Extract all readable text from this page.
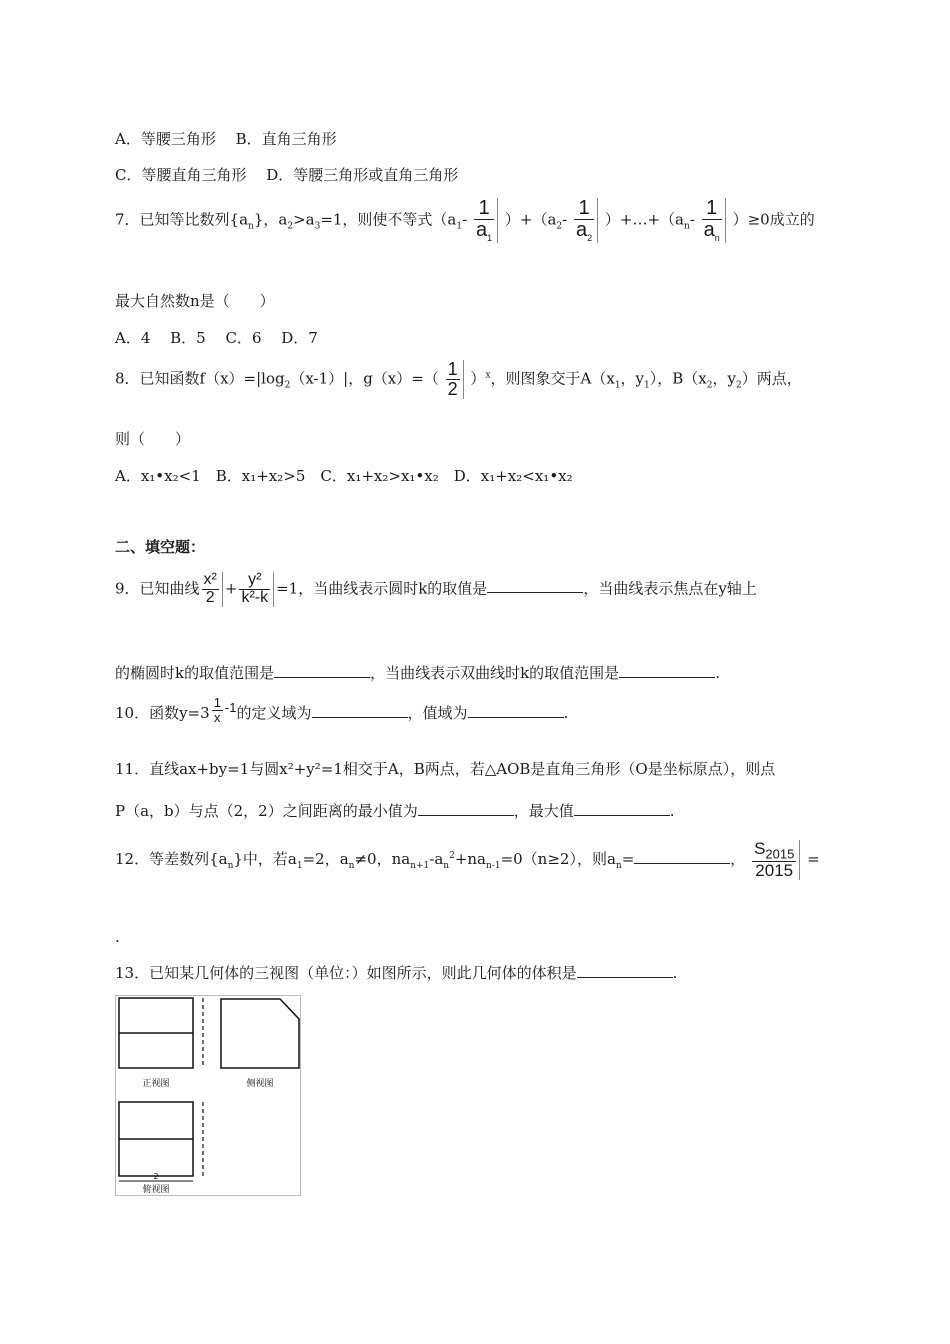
A．等腰三角形　 B．直角三角形
C．等腰直角三角形　 D．等腰三角形或直角三角形
7．已知等比数列$\{a_n\}$，$a_2>a_3=1$，则使不等式$(a_1- \frac{1}{a_1} )+(a_2- \frac{1}{a_2}$ ）$+\dots+(a_n- \frac{1}{a_n} )\ge 0$成立的
最大自然数n是（　　）
A．4　 B．5　 C．6　 D．7
8．已知函数$f(x)=|\log_2(x-1)|$，$g(x)=( \frac{1}{2} )^x$，则图象交于$A(x_1$，$y_1$），$B(x_2$，$y_2$）两点，
则（　　）
A．x₁•x₂<1　B．x₁+x₂>5　C．x₁+x₂>x₁•x₂　D．x₁+x₂<x₁•x₂
二、填空题：
9．已知曲线 $\frac{\text{x²}}{2} + \frac{\text{y²}}{\text{k²-k}} =1$，当曲线表示圆时k的取值是	，当曲线表示焦点在y轴上
的椭圆时k的取值范围是	，当曲线表示双曲线时k的取值范围是	.
10．函数$y=3 \frac{1}{x} -1$的定义域为	，值域为	.
11．直线ax+by=1与圆x²+y²=1相交于A，B两点，若△AOB是直角三角形（O是坐标原点），则点
P（a，b）与点（2，2）之间距离的最小值为	，最大值	.
12．等差数列$\{a_n\}$中，若$a_1=2$，$a_n\ne 0$，$na_{n+1}-a_n^2+na_{n-1}=0(n\ge 2)$，则$a_n=$	， $\frac{S_{2015}}{2015}$ =
.
13．已知某几何体的三视图（单位：）如图所示，则此几何体的体积是	.
正视图	侧视图
2
俯视图
